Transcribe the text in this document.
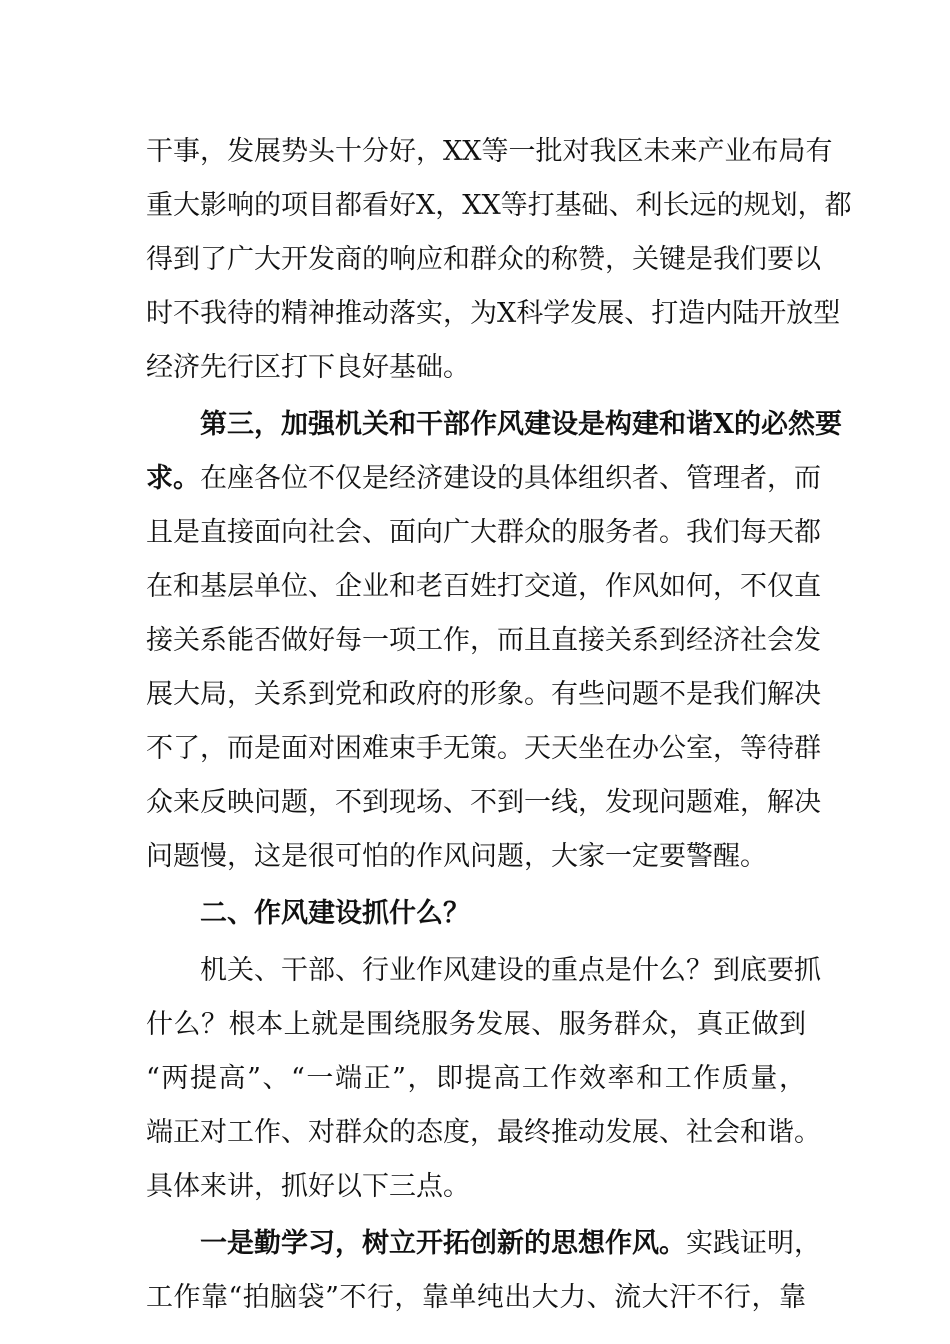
干事，发展势头十分好，XX等一批对我区未来产业布局有
重大影响的项目都看好X，XX等打基础、利长远的规划，都
得到了广大开发商的响应和群众的称赞，关键是我们要以
时不我待的精神推动落实，为X科学发展、打造内陆开放型
经济先行区打下良好基础。
第三，加强机关和干部作风建设是构建和谐X的必然要
求。在座各位不仅是经济建设的具体组织者、管理者，而
且是直接面向社会、面向广大群众的服务者。我们每天都
在和基层单位、企业和老百姓打交道，作风如何，不仅直
接关系能否做好每一项工作，而且直接关系到经济社会发
展大局，关系到党和政府的形象。有些问题不是我们解决
不了，而是面对困难束手无策。天天坐在办公室，等待群
众来反映问题，不到现场、不到一线，发现问题难，解决
问题慢，这是很可怕的作风问题，大家一定要警醒。
二、作风建设抓什么？
机关、干部、行业作风建设的重点是什么？到底要抓
什么？根本上就是围绕服务发展、服务群众，真正做到
“两提高”、“一端正”，即提高工作效率和工作质量，
端正对工作、对群众的态度，最终推动发展、社会和谐。
具体来讲，抓好以下三点。
一是勤学习，树立开拓创新的思想作风。实践证明，
工作靠“拍脑袋”不行，靠单纯出大力、流大汗不行，靠
